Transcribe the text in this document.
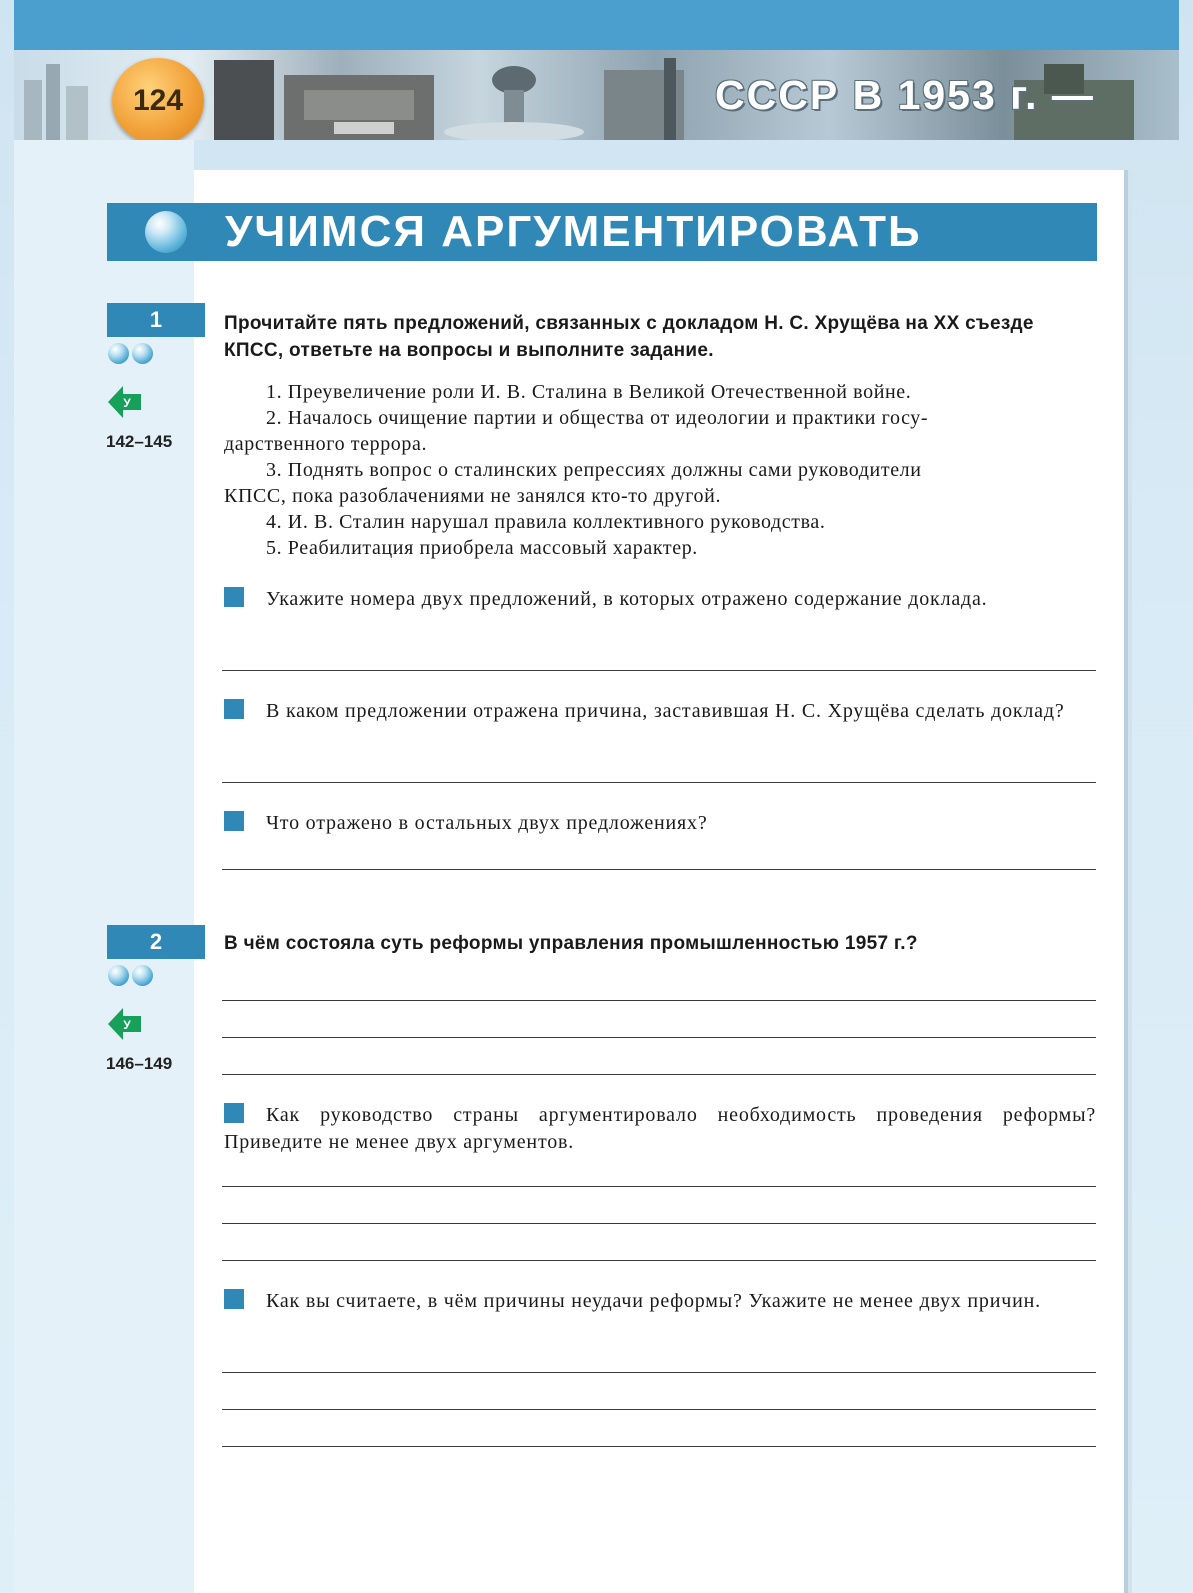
124	СССР В 1953 г. —
УЧИМСЯ АРГУМЕНТИРОВАТЬ
1
У
142–145
Прочитайте пять предложений, связанных с докладом Н. С. Хрущёва на XX съезде КПСС, ответьте на вопросы и выполните задание.
1. Преувеличение роли И. В. Сталина в Великой Отечественной войне.
2. Началось очищение партии и общества от идеологии и практики госу-
дарственного террора.
3. Поднять вопрос о сталинских репрессиях должны сами руководители
КПСС, пока разоблачениями не занялся кто-то другой.
4. И. В. Сталин нарушал правила коллективного руководства.
5. Реабилитация приобрела массовый характер.
Укажите номера двух предложений, в которых отражено содержание доклада.
В каком предложении отражена причина, заставившая Н. С. Хрущёва сделать доклад?
Что отражено в остальных двух предложениях?
2
У
146–149
В чём состояла суть реформы управления промышленностью 1957 г.?
Как руководство страны аргументировало необходимость проведения реформы? Приведите не менее двух аргументов.
Как вы считаете, в чём причины неудачи реформы? Укажите не менее двух причин.
